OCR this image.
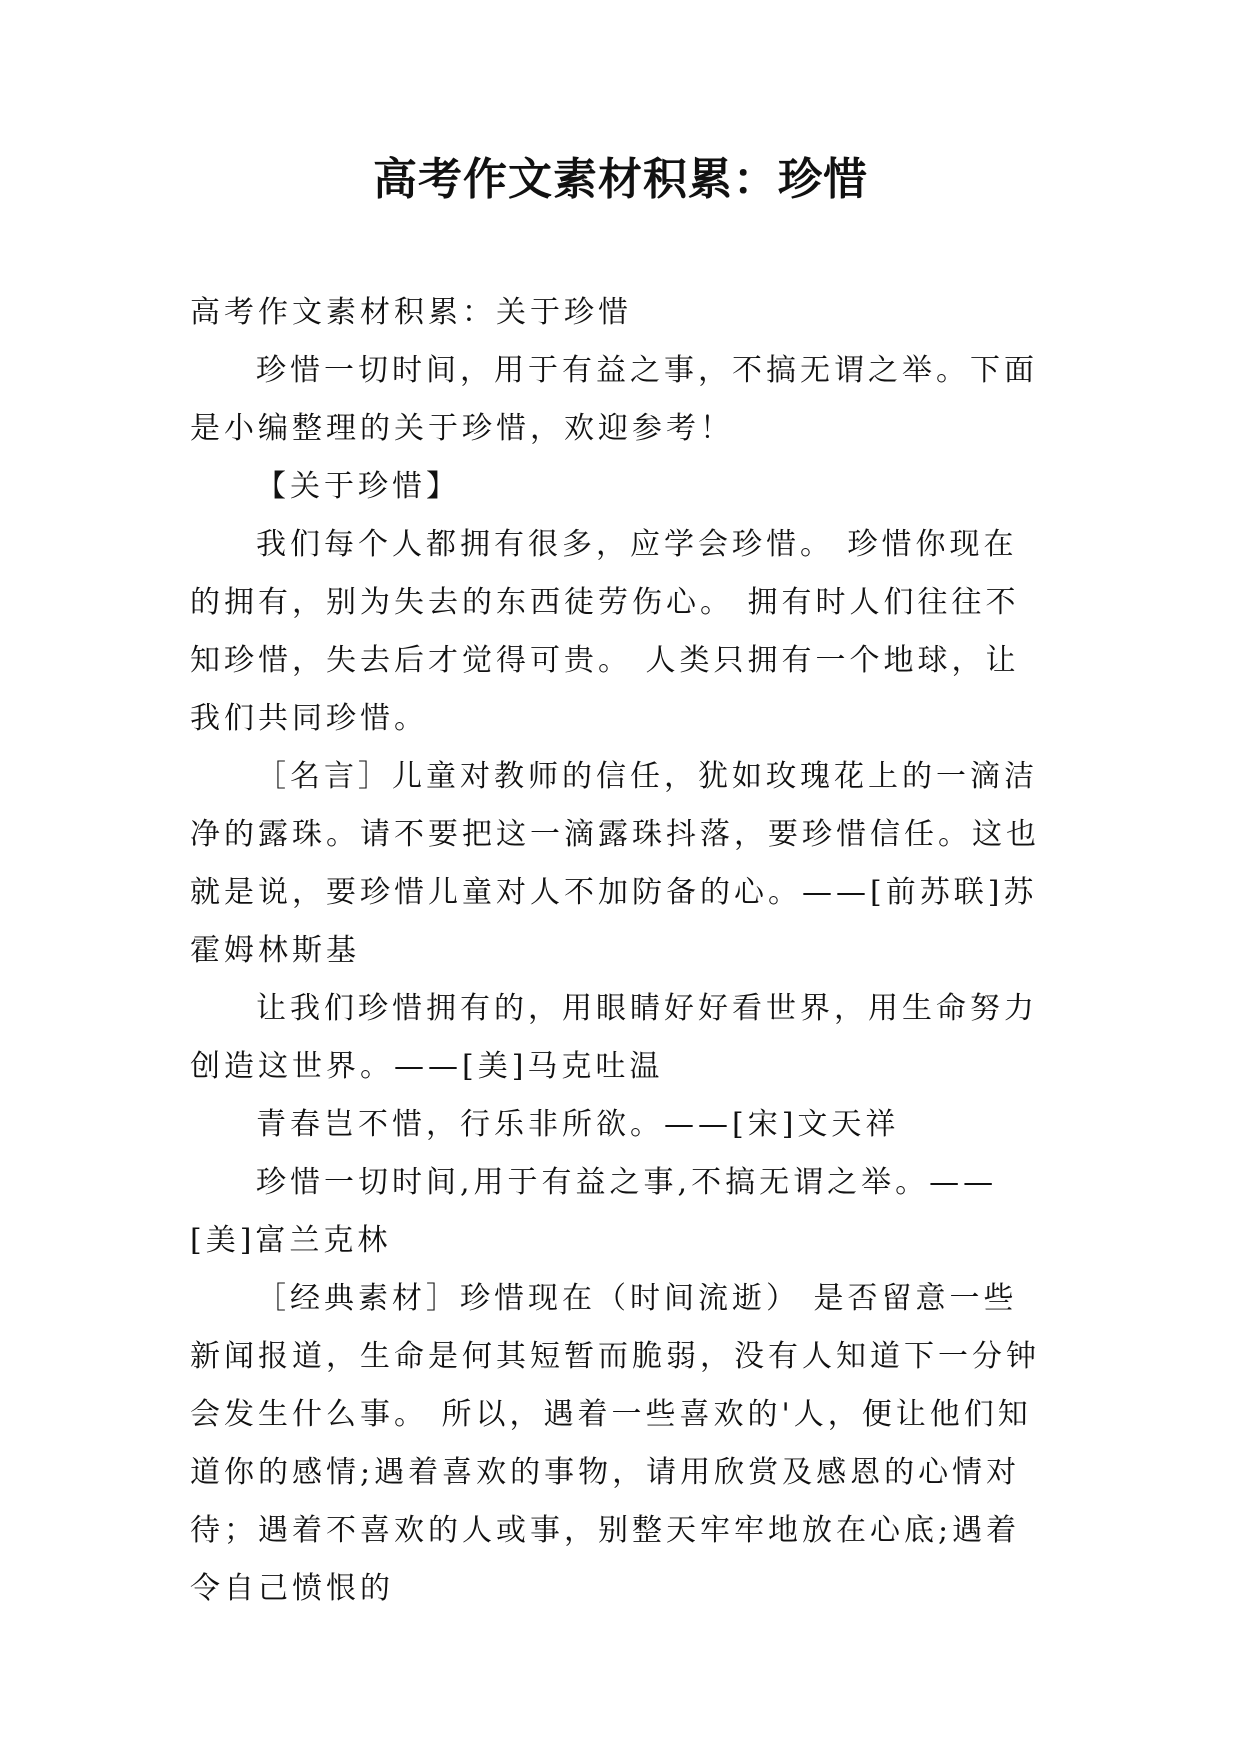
高考作文素材积累：珍惜

高考作文素材积累：关于珍惜

珍惜一切时间，用于有益之事，不搞无谓之举。下面是小编整理的关于珍惜，欢迎参考！

【关于珍惜】

我们每个人都拥有很多，应学会珍惜。 珍惜你现在的拥有，别为失去的东西徒劳伤心。 拥有时人们往往不知珍惜，失去后才觉得可贵。 人类只拥有一个地球，让我们共同珍惜。

［名言］儿童对教师的信任，犹如玫瑰花上的一滴洁净的露珠。请不要把这一滴露珠抖落，要珍惜信任。这也 就是说，要珍惜儿童对人不加防备的心。——[前苏联]苏霍姆林斯基

让我们珍惜拥有的，用眼睛好好看世界，用生命努力创造这世界。——[美]马克吐温

青春岂不惜，行乐非所欲。——[宋]文天祥

珍惜一切时间,用于有益之事,不搞无谓之举。——[美]富兰克林

［经典素材］珍惜现在（时间流逝） 是否留意一些新闻报道，生命是何其短暂而脆弱，没有人知道下一分钟会发生什么事。 所以，遇着一些喜欢的'人，便让他们知道你的感情;遇着喜欢的事物，请用欣赏及感恩的心情对待；遇着不喜欢的人或事，别整天牢牢地放在心底;遇着令自己愤恨的
